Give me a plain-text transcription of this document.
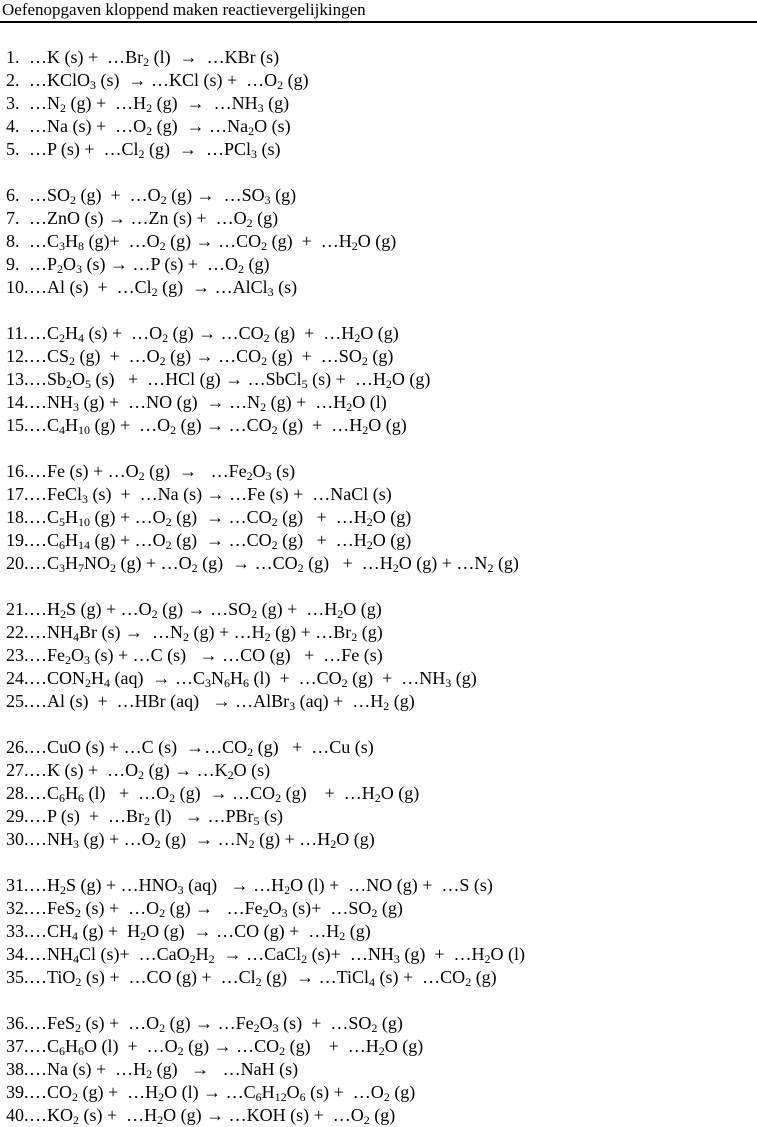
Oefenopgaven kloppend maken reactievergelijkingen
1. …K $(s) + \dots Br_2$ (l)  →  …KBr (s)
2. …KClO$_3$ (s)  → …KCl $(s) + \dots O_2$ (g)
3. $\dots N_2$ $(g) + \dots H_2$ $(g) \to \dots NH_3$ (g)
4. …Na $(s) + \dots O_2$ $(g) \to \dots Na_2O$ (s)
5. …P $(s) + \dots Cl_2$ (g)  →  …PCl$_3$ (s)
6. $\dots SO_2$ $(g) + \dots O_2$ $(g) \to \dots SO_3$ (g)
7. …ZnO (s) → …Zn $(s) + \dots O_2$ (g)
8. $\dots C_3H_8$ $(g)+ \dots O_2$ $(g) \to \dots CO_2$ $(g) + \dots H_2O$ (g)
9. $\dots P_2O_3$ (s) → …P $(s) + \dots O_2$ (g)
10. …Al $(s) + \dots Cl_2$ (g)  → …AlCl$_3$ (s)
11. $\dots C_2H_4$ $(s) + \dots O_2$ $(g) \to \dots CO_2$ $(g) + \dots H_2O$ (g)
12. $\dots CS_2$ $(g) + \dots O_2$ $(g) \to \dots CO_2$ $(g) + \dots SO_2$ (g)
13. $\dots Sb_2O_5$ (s)   +  …HCl (g) → …SbCl$_5$ $(s) + \dots H_2O$ (g)
14. $\dots NH_3$ (g) +  …NO $(g) \to \dots N_2$ $(g) + \dots H_2O$ (l)
15. $\dots C_4H_{10}$ $(g) + \dots O_2$ $(g) \to \dots CO_2$ $(g) + \dots H_2O$ (g)
16. …Fe $(s) + \dots O_2$ $(g) \to \dots Fe_2O_3$ (s)
17. …FeCl$_3$ (s)  +  …Na (s) → …Fe (s) +  …NaCl (s)
18. $\dots C_5H_{10}$ $(g) + \dots O_2$ $(g) \to \dots CO_2$ $(g) + \dots H_2O$ (g)
19. $\dots C_6H_{14}$ $(g) + \dots O_2$ $(g) \to \dots CO_2$ $(g) + \dots H_2O$ (g)
20. $\dots C_3H_7NO_2$ $(g) + \dots O_2$ $(g) \to \dots CO_2$ $(g) + \dots H_2O$ $(g) + \dots N_2$ (g)
21. $\dots H_2S$ $(g) + \dots O_2$ $(g) \to \dots SO_2$ $(g) + \dots H_2O$ (g)
22. $\dots NH_4Br$ $(s) \to \dots N_2$ $(g) + \dots H_2$ $(g) + \dots Br_2$ (g)
23. $\dots Fe_2O_3$ (s) + …C (s)   → …CO (g)   +  …Fe (s)
24. $\dots CON_2H_4$ $(aq) \to \dots C_3N_6H_6$ $(l) + \dots CO_2$ $(g) + \dots NH_3$ (g)
25. …Al (s)  +  …HBr (aq)   → …AlBr$_3$ $(aq) + \dots H_2$ (g)
26. …CuO (s) + …C $(s) \to\dots CO_2$ (g)   +  …Cu (s)
27. …K $(s) + \dots O_2$ $(g) \to \dots K_2O$ (s)
28. $\dots C_6H_6$ $(l) + \dots O_2$ $(g) \to \dots CO_2$ (g)    +  $\dots H_2O$ (g)
29. …P $(s) + \dots Br_2$ (l)   → …PBr$_5$ (s)
30. $\dots NH_3$ $(g) + \dots O_2$ $(g) \to \dots N_2$ $(g) + \dots H_2O$ (g)
31. $\dots H_2S$ $(g) + \dots HNO_3$ $(aq) \to \dots H_2O$ (l) +  …NO (g) +  …S (s)
32. …FeS$_2$ $(s) + \dots O_2$ $(g) \to \dots Fe_2O_3$ $(s)+ \dots SO_2$ (g)
33. $\dots CH_4$ $(g) + H_2O$ (g)  → …CO $(g) + \dots H_2$ (g)
34. $\dots NH_4Cl$ $(s)+ \dots CaO_2H_2$  → …CaCl$_2$ $(s)+ \dots NH_3$ $(g) + \dots H_2O$ (l)
35. …TiO$_2$ (s) +  …CO $(g) + \dots Cl_2$ (g)  → …TiCl$_4$ $(s) + \dots CO_2$ (g)
36. …FeS$_2$ $(s) + \dots O_2$ $(g) \to \dots Fe_2O_3$ $(s) + \dots SO_2$ (g)
37. $\dots C_6H_6O$ $(l) + \dots O_2$ $(g) \to \dots CO_2$ (g)    +  $\dots H_2O$ (g)
38. …Na $(s) + \dots H_2$ (g)   →   …NaH (s)
39. $\dots CO_2$ $(g) + \dots H_2O$ $(l) \to \dots C_6H_{12}O_6$ $(s) + \dots O_2$ (g)
40. $\dots KO_2$ $(s) + \dots H_2O$ (g) → …KOH $(s) + \dots O_2$ (g)
